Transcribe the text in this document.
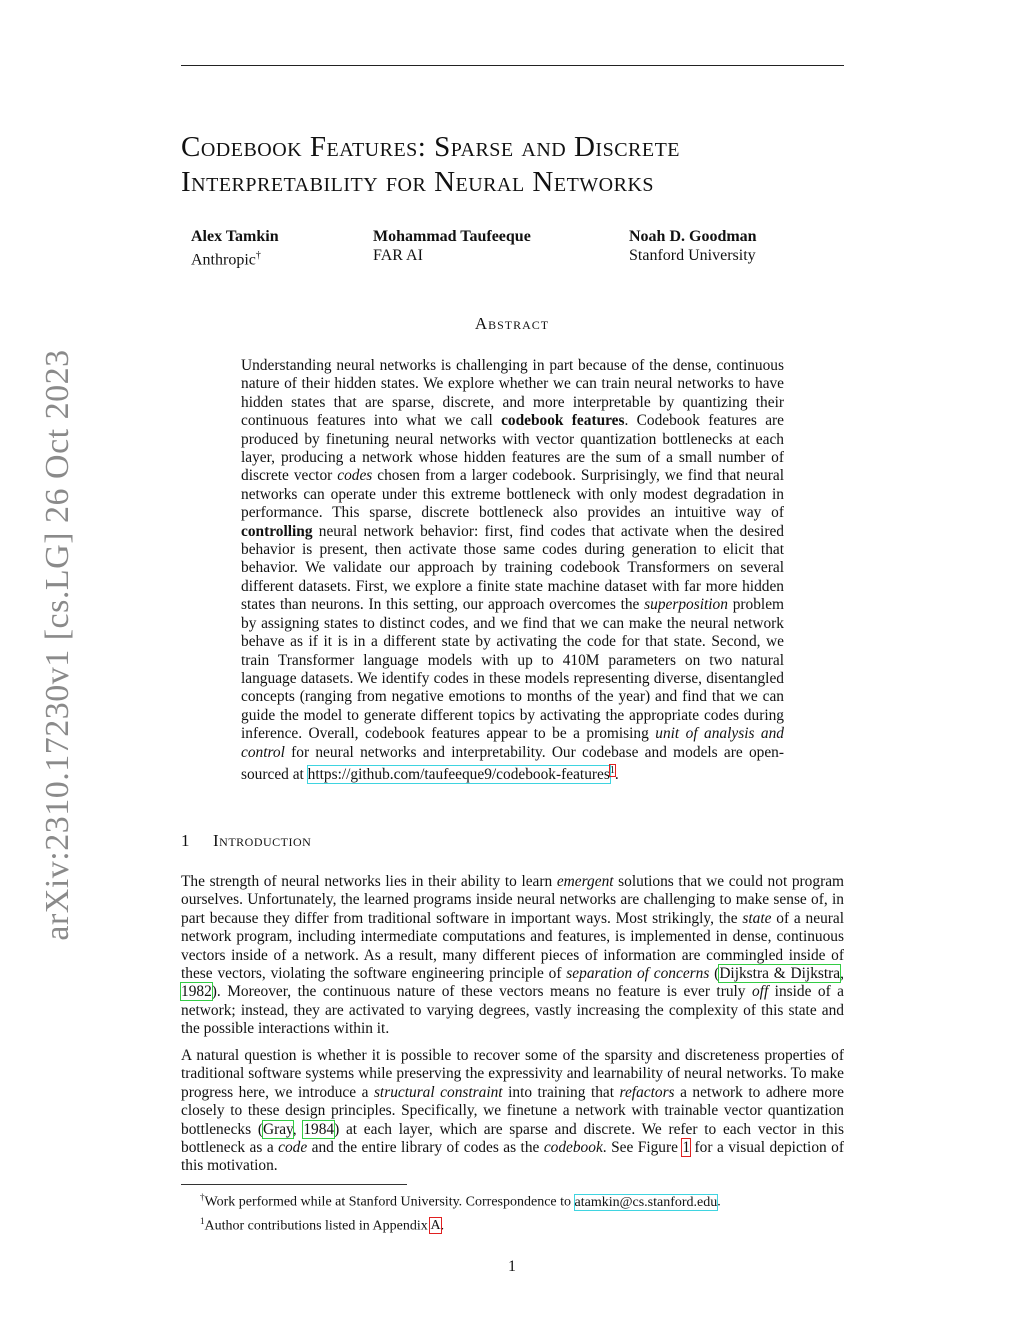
arXiv:2310.17230v1 [cs.LG] 26 Oct 2023
Codebook Features: Sparse and Discrete
Interpretability for Neural Networks
Alex Tamkin
Anthropic†
Mohammad Taufeeque
FAR AI
Noah D. Goodman
Stanford University
Abstract
Understanding neural networks is challenging in part because of the dense, continuous nature of their hidden states. We explore whether we can train neural networks to have hidden states that are sparse, discrete, and more interpretable by quantizing their continuous features into what we call codebook features. Codebook features are produced by finetuning neural networks with vector quantization bottlenecks at each layer, producing a network whose hidden features are the sum of a small number of discrete vector codes chosen from a larger codebook. Surprisingly, we find that neural networks can operate under this extreme bottleneck with only modest degradation in performance. This sparse, discrete bottleneck also provides an intuitive way of controlling neural network behavior: first, find codes that activate when the desired behavior is present, then activate those same codes during generation to elicit that behavior. We validate our approach by training codebook Transformers on several different datasets. First, we explore a finite state machine dataset with far more hidden states than neurons. In this setting, our approach overcomes the superposition problem by assigning states to distinct codes, and we find that we can make the neural network behave as if it is in a different state by activating the code for that state. Second, we train Transformer language models with up to 410M parameters on two natural language datasets. We identify codes in these models representing diverse, disentangled concepts (ranging from negative emotions to months of the year) and find that we can guide the model to generate different topics by activating the appropriate codes during inference. Overall, codebook features appear to be a promising unit of analysis and control for neural networks and interpretability. Our codebase and models are open-sourced at https://github.com/taufeeque9/codebook-features$^1$.
1 Introduction
The strength of neural networks lies in their ability to learn emergent solutions that we could not program ourselves. Unfortunately, the learned programs inside neural networks are challenging to make sense of, in part because they differ from traditional software in important ways. Most strikingly, the state of a neural network program, including intermediate computations and features, is implemented in dense, continuous vectors inside of a network. As a result, many different pieces of information are commingled inside of these vectors, violating the software engineering principle of separation of concerns (Dijkstra & Dijkstra, 1982). Moreover, the continuous nature of these vectors means no feature is ever truly off inside of a network; instead, they are activated to varying degrees, vastly increasing the complexity of this state and the possible interactions within it.
A natural question is whether it is possible to recover some of the sparsity and discreteness properties of traditional software systems while preserving the expressivity and learnability of neural networks. To make progress here, we introduce a structural constraint into training that refactors a network to adhere more closely to these design principles. Specifically, we finetune a network with trainable vector quantization bottlenecks (Gray, 1984) at each layer, which are sparse and discrete. We refer to each vector in this bottleneck as a code and the entire library of codes as the codebook. See Figure 1 for a visual depiction of this motivation.
†Work performed while at Stanford University. Correspondence to atamkin@cs.stanford.edu.
$^1$Author contributions listed in Appendix A.
1
